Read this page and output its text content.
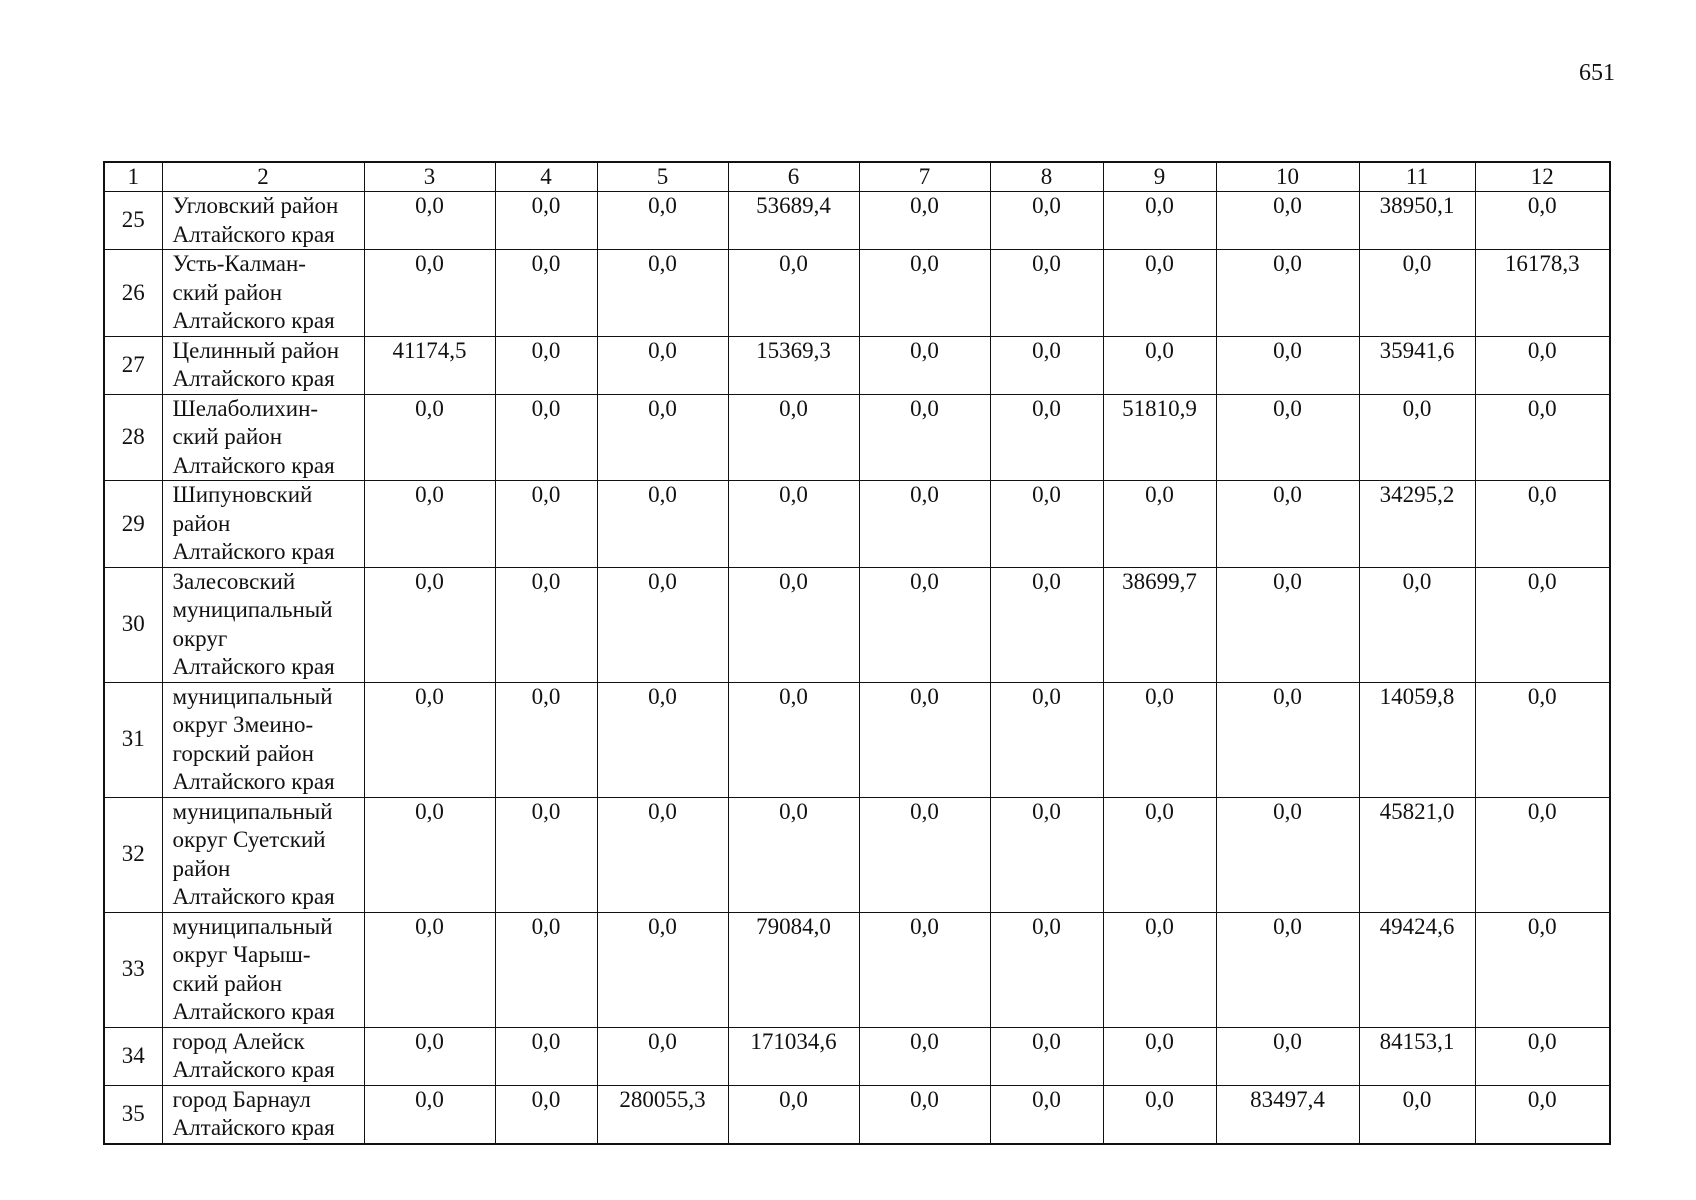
651
1	2	3	4	5	6	7	8	9	10	11	12
25	Угловский район
Алтайского края	0,0	0,0	0,0	53689,4	0,0	0,0	0,0	0,0	38950,1	0,0
26	Усть-Калман-
ский район
Алтайского края	0,0	0,0	0,0	0,0	0,0	0,0	0,0	0,0	0,0	16178,3
27	Целинный район
Алтайского края	41174,5	0,0	0,0	15369,3	0,0	0,0	0,0	0,0	35941,6	0,0
28	Шелаболихин-
ский район
Алтайского края	0,0	0,0	0,0	0,0	0,0	0,0	51810,9	0,0	0,0	0,0
29	Шипуновский
район
Алтайского края	0,0	0,0	0,0	0,0	0,0	0,0	0,0	0,0	34295,2	0,0
30	Залесовский
муниципальный
округ
Алтайского края	0,0	0,0	0,0	0,0	0,0	0,0	38699,7	0,0	0,0	0,0
31	муниципальный
округ Змеино-
горский район
Алтайского края	0,0	0,0	0,0	0,0	0,0	0,0	0,0	0,0	14059,8	0,0
32	муниципальный
округ Суетский
район
Алтайского края	0,0	0,0	0,0	0,0	0,0	0,0	0,0	0,0	45821,0	0,0
33	муниципальный
округ Чарыш-
ский район
Алтайского края	0,0	0,0	0,0	79084,0	0,0	0,0	0,0	0,0	49424,6	0,0
34	город Алейск
Алтайского края	0,0	0,0	0,0	171034,6	0,0	0,0	0,0	0,0	84153,1	0,0
35	город Барнаул
Алтайского края	0,0	0,0	280055,3	0,0	0,0	0,0	0,0	83497,4	0,0	0,0
